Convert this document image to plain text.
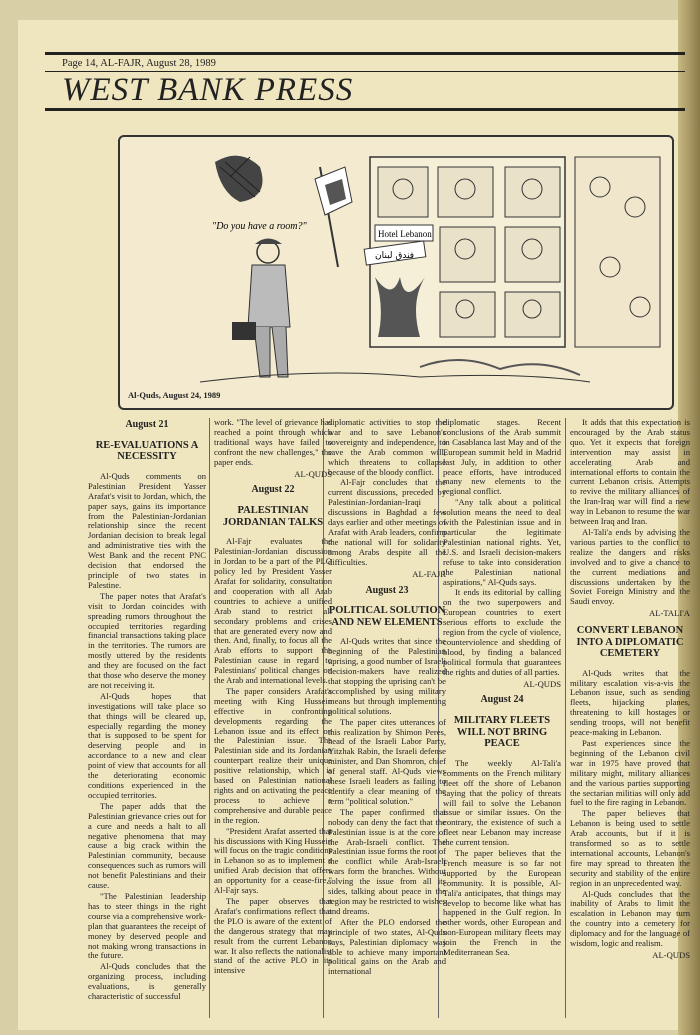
Page 14, AL-FAJR, August 28, 1989
WEST BANK PRESS
"Do you have a room?"
Hotel Lebanon
فندق لبنان
Al-Quds, August 24, 1989
August 21
RE-EVALUATIONS A NECESSITY

Al-Quds comments on Palestinian President Yasser Arafat's visit to Jordan, which, the paper says, gains its importance from the Palestinian-Jordanian relationship since the recent Jordanian decision to break legal and administrative ties with the West Bank and the recent PNC decision that endorsed the principle of two states in Palestine.

The paper notes that Arafat's visit to Jordan coincides with spreading rumors throughout the occupied territories regarding financial transactions taking place in the territories. The rumors are mostly uttered by the residents and they are focused on the fact that those who deserve the money are not receiving it.

Al-Quds hopes that investigations will take place so that things will be cleared up, especially regarding the money that is supposed to be spent for deserving people and in accordance to a new and clear point of view that accounts for all the deteriorating economic conditions experienced in the occupied territories.

The paper adds that the Palestinian grievance cries out for a cure and needs a halt to all negative phenomena that may cause a big crack within the Palestinian community, because consequences such as rumors will not benefit Palestinians and their cause.

"The Palestinian leadership has to steer things in the right course via a comprehensive work-plan that guarantees the receipt of money by deserved people and not making wrong transactions in the future.

Al-Quds concludes that the organizing process, including evaluations, is generally characteristic of successful

work. "The level of grievance has reached a point through which traditional ways have failed to confront the new challenges," the paper ends.

AL-QUDS
August 22
PALESTINIAN JORDANIAN TALKS

Al-Fajr evaluates the Palestinian-Jordanian discussion in Jordan to be a part of the PLO policy led by President Yasser Arafat for solidarity, consultation and cooperation with all Arab countries to achieve a unified Arab stand to restrict all secondary problems and crises that are generated every now and then. And, finally, to focus all the Arab efforts to support the Palestinian cause in regard to Palestinians' political changes on the Arab and international levels.

The paper considers Arafat's meeting with King Hussein effective in confronting developments regarding the Lebanon issue and its effect on the Palestinian issue. The Palestinian side and its Jordanian counterpart realize their unique positive relationship, which is based on Palestinian national rights and on activating the peace process to achieve a comprehensive and durable peace in the region.

"President Arafat asserted that his discussions with King Hussein will focus on the tragic conditions in Lebanon so as to implement a unified Arab decision that offers an opportunity for a cease-fire," Al-Fajr says.

The paper observes that Arafat's confirmations reflect that the PLO is aware of the extent of the dangerous strategy that may result from the current Lebanon war. It also reflects the nationalist stand of the active PLO in its intensive

diplomatic activities to stop the war and to save Lebanon's sovereignty and independence, to save the Arab common will, which threatens to collapse because of the bloody conflict.

Al-Fajr concludes that the current discussions, preceded by Palestinian-Jordanian-Iraqi discussions in Baghdad a few days earlier and other meetings of Arafat with Arab leaders, confirm the national will for solidarity among Arabs despite all the difficulties.

AL-FAJR
August 23
POLITICAL SOLUTION AND NEW ELEMENTS

Al-Quds writes that since the beginning of the Palestinian uprising, a good number of Israeli decision-makers have realized that stopping the uprising can't be accomplished by using military means but through implementing political solutions.

The paper cites utterances of this realization by Shimon Peres, head of the Israeli Labor Party, Yitzhak Rabin, the Israeli defense minister, and Dan Shomron, chief of general staff. Al-Quds views these Israeli leaders as failing to identify a clear meaning of the term "political solution."

The paper confirmed that nobody can deny the fact that the Palestinian issue is at the core of the Arab-Israeli conflict. The Palestinian issue forms the root of the conflict while Arab-Israeli wars form the branches. Without solving the issue from all its sides, talking about peace in the region may be restricted to wishes and dreams.

After the PLO endorsed the principle of two states, Al-Quds says, Palestinian diplomacy was able to achieve many important political gains on the Arab and international

diplomatic stages. Recent conclusions of the Arab summit in Casablanca last May and of the European summit held in Madrid last July, in addition to other peace efforts, have introduced many new elements to the regional conflict.

"Any talk about a political solution means the need to deal with the Palestinian issue and in particular the legitimate Palestinian national rights. Yet, U.S. and Israeli decision-makers refuse to take into consideration the Palestinian national aspirations," Al-Quds says.

It ends its editorial by calling on the two superpowers and European countries to exert serious efforts to exclude the region from the cycle of violence, counterviolence and shedding of blood, by finding a balanced political formula that guarantees the rights and duties of all parties.

AL-QUDS
August 24
MILITARY FLEETS WILL NOT BRING PEACE

The weekly Al-Tali'a comments on the French military fleet off the shore of Lebanon saying that the policy of threats will fail to solve the Lebanon issue or similar issues. On the contrary, the existence of such a fleet near Lebanon may increase the current tension.

The paper believes that the French measure is so far not supported by the European community. It is possible, Al-Tali'a anticipates, that things may develop to become like what has happened in the Gulf region. In other words, other European and non-European military fleets may join the French in the Mediterranean Sea.

It adds that this expectation is encouraged by the Arab status quo. Yet it expects that foreign intervention may assist in accelerating Arab and international efforts to contain the current Lebanon crisis. Attempts to revive the military alliances of the Iran-Iraq war will find a new way in Lebanon to resume the war between Iraq and Iran.

Al-Tali'a ends by advising the various parties to the conflict to realize the dangers and risks involved and to give a chance to the current mediations and discussions undertaken by the Soviet Foreign Ministry and the Saudi envoy.

AL-TALI'A
CONVERT LEBANON INTO A DIPLOMATIC CEMETERY

Al-Quds writes that the military escalation vis-a-vis the Lebanon issue, such as sending fleets, hijacking planes, threatening to kill hostages or sending troops, will not benefit peace-making in Lebanon.

Past experiences since the beginning of the Lebanon civil war in 1975 have proved that military might, military alliances and the various parties supporting the sectarian militias will only add fuel to the fire raging in Lebanon.

The paper believes that Lebanon is being used to settle Arab accounts, but if it is transformed so as to settle international accounts, Lebanon's fire may spread to threaten the security and stability of the entire region in an unprecedented way.

Al-Quds concludes that the inability of Arabs to limit the escalation in Lebanon may turn the country into a cemetery for diplomacy and for the language of wisdom, logic and realism.

AL-QUDS
